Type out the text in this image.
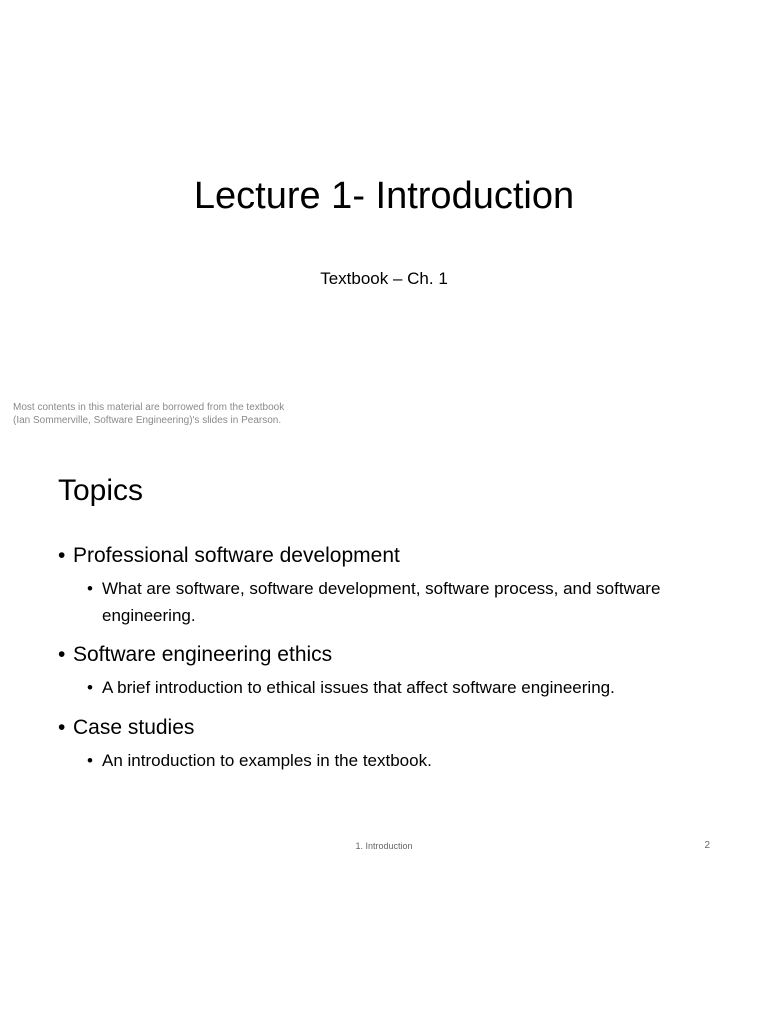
Lecture 1- Introduction
Textbook – Ch. 1
Most contents in this material are borrowed from the textbook
(Ian Sommerville, Software Engineering)'s slides in Pearson.
Topics
• Professional software development
• What are software, software development, software process, and software engineering.
• Software engineering ethics
• A brief introduction to ethical issues that affect software engineering.
• Case studies
• An introduction to examples in the textbook.
1. Introduction	2
